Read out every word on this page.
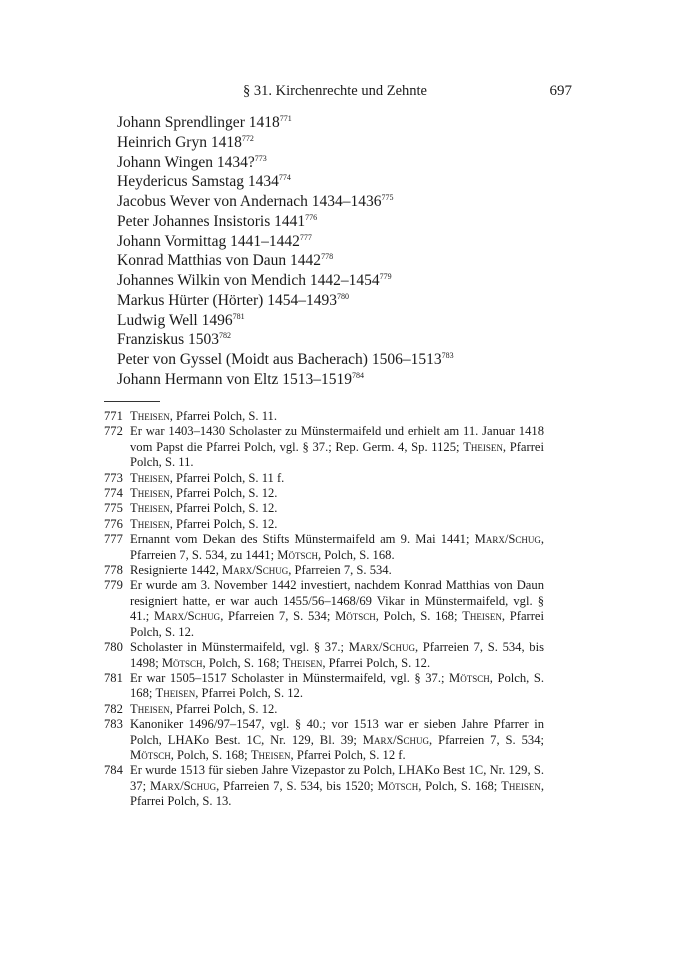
§ 31. Kirchenrechte und Zehnte	697
Johann Sprendlinger 1418$^{771}$
Heinrich Gryn 1418$^{772}$
Johann Wingen 1434?$^{773}$
Heydericus Samstag 1434$^{774}$
Jacobus Wever von Andernach 1434–1436$^{775}$
Peter Johannes Insistoris 1441$^{776}$
Johann Vormittag 1441–1442$^{777}$
Konrad Matthias von Daun 1442$^{778}$
Johannes Wilkin von Mendich 1442–1454$^{779}$
Markus Hürter (Hörter) 1454–1493$^{780}$
Ludwig Well 1496$^{781}$
Franziskus 1503$^{782}$
Peter von Gyssel (Moidt aus Bacherach) 1506–1513$^{783}$
Johann Hermann von Eltz 1513–1519$^{784}$
771 Theisen, Pfarrei Polch, S. 11.
772 Er war 1403–1430 Scholaster zu Münstermaifeld und erhielt am 11. Januar 1418 vom Papst die Pfarrei Polch, vgl. § 37.; Rep. Germ. 4, Sp. 1125; Theisen, Pfarrei Polch, S. 11.
773 Theisen, Pfarrei Polch, S. 11 f.
774 Theisen, Pfarrei Polch, S. 12.
775 Theisen, Pfarrei Polch, S. 12.
776 Theisen, Pfarrei Polch, S. 12.
777 Ernannt vom Dekan des Stifts Münstermaifeld am 9. Mai 1441; Marx/Schug, Pfarreien 7, S. 534, zu 1441; Mötsch, Polch, S. 168.
778 Resignierte 1442, Marx/Schug, Pfarreien 7, S. 534.
779 Er wurde am 3. November 1442 investiert, nachdem Konrad Matthias von Daun resigniert hatte, er war auch 1455/56–1468/69 Vikar in Münstermaifeld, vgl. § 41.; Marx/Schug, Pfarreien 7, S. 534; Mötsch, Polch, S. 168; Theisen, Pfarrei Polch, S. 12.
780 Scholaster in Münstermaifeld, vgl. § 37.; Marx/Schug, Pfarreien 7, S. 534, bis 1498; Mötsch, Polch, S. 168; Theisen, Pfarrei Polch, S. 12.
781 Er war 1505–1517 Scholaster in Münstermaifeld, vgl. § 37.; Mötsch, Polch, S. 168; Theisen, Pfarrei Polch, S. 12.
782 Theisen, Pfarrei Polch, S. 12.
783 Kanoniker 1496/97–1547, vgl. § 40.; vor 1513 war er sieben Jahre Pfarrer in Polch, LHAKo Best. 1C, Nr. 129, Bl. 39; Marx/Schug, Pfarreien 7, S. 534; Mötsch, Polch, S. 168; Theisen, Pfarrei Polch, S. 12 f.
784 Er wurde 1513 für sieben Jahre Vizepastor zu Polch, LHAKo Best 1C, Nr. 129, S. 37; Marx/Schug, Pfarreien 7, S. 534, bis 1520; Mötsch, Polch, S. 168; Theisen, Pfarrei Polch, S. 13.
